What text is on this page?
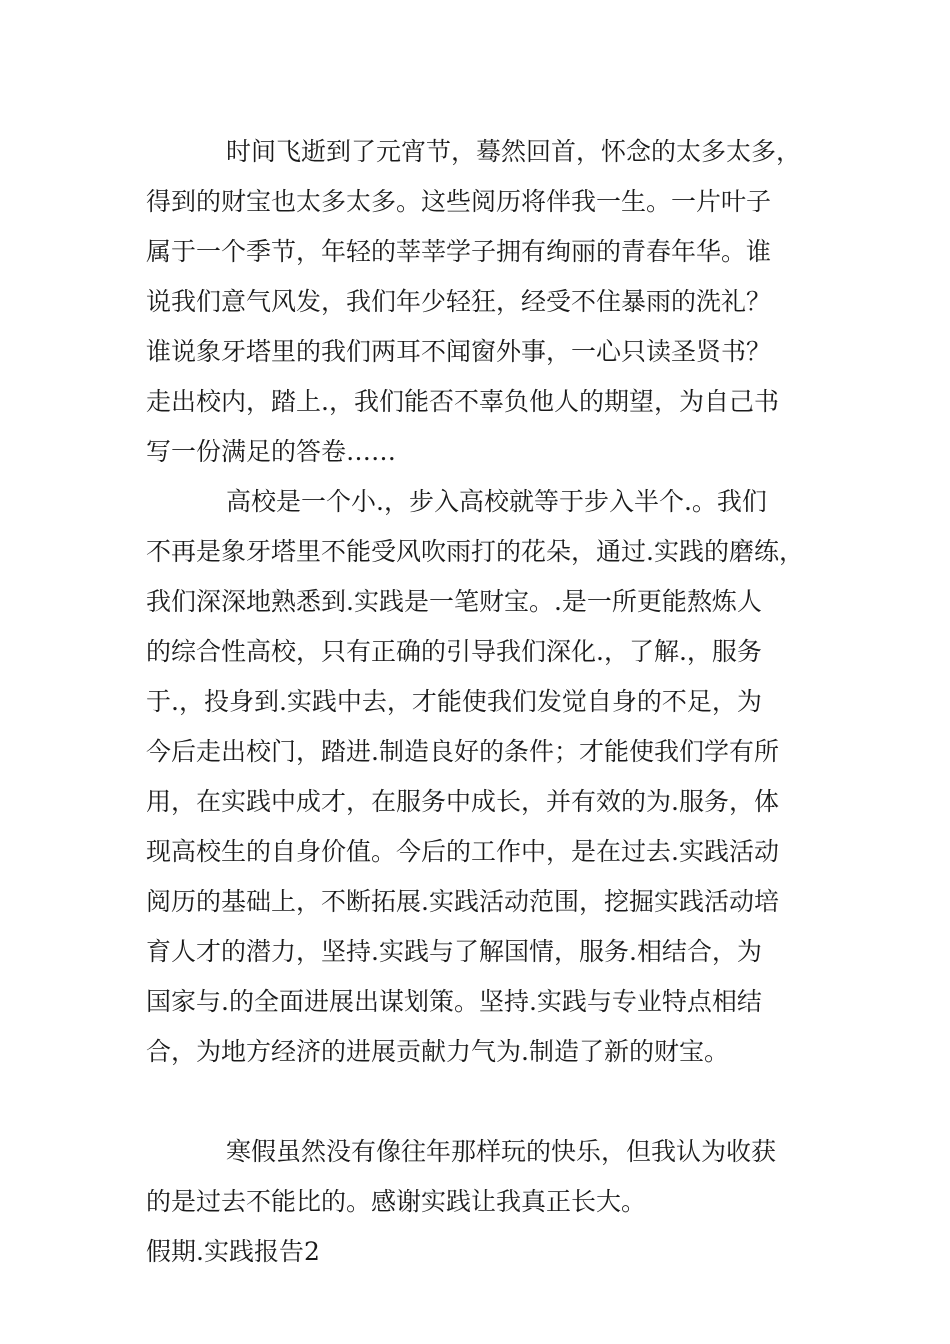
时间飞逝到了元宵节，蓦然回首，怀念的太多太多，
得到的财宝也太多太多。这些阅历将伴我一生。一片叶子
属于一个季节，年轻的莘莘学子拥有绚丽的青春年华。谁
说我们意气风发，我们年少轻狂，经受不住暴雨的洗礼？
谁说象牙塔里的我们两耳不闻窗外事，一心只读圣贤书？
走出校内，踏上.，我们能否不辜负他人的期望，为自己书
写一份满足的答卷……
高校是一个小.，步入高校就等于步入半个.。我们
不再是象牙塔里不能受风吹雨打的花朵，通过.实践的磨练，
我们深深地熟悉到.实践是一笔财宝。.是一所更能熬炼人
的综合性高校，只有正确的引导我们深化.，了解.，服务
于.，投身到.实践中去，才能使我们发觉自身的不足，为
今后走出校门，踏进.制造良好的条件；才能使我们学有所
用，在实践中成才，在服务中成长，并有效的为.服务，体
现高校生的自身价值。今后的工作中，是在过去.实践活动
阅历的基础上，不断拓展.实践活动范围，挖掘实践活动培
育人才的潜力，坚持.实践与了解国情，服务.相结合，为
国家与.的全面进展出谋划策。坚持.实践与专业特点相结
合，为地方经济的进展贡献力气为.制造了新的财宝。
寒假虽然没有像往年那样玩的快乐，但我认为收获
的是过去不能比的。感谢实践让我真正长大。
假期.实践报告2
